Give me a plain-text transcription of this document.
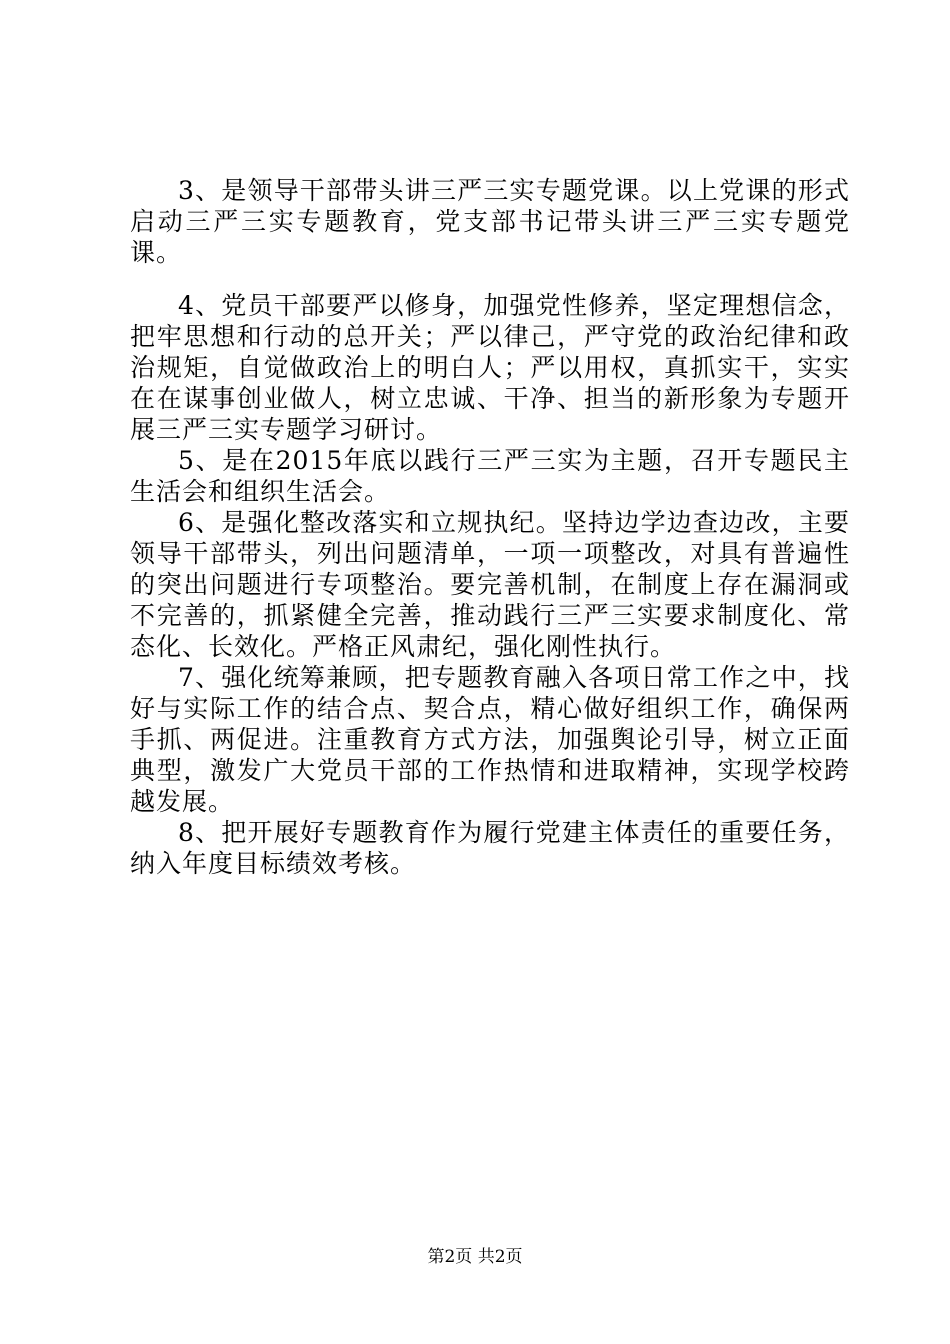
3、是领导干部带头讲三严三实专题党课。以上党课的形式启动三严三实专题教育，党支部书记带头讲三严三实专题党课。

4、党员干部要严以修身，加强党性修养，坚定理想信念，把牢思想和行动的总开关；严以律己，严守党的政治纪律和政治规矩，自觉做政治上的明白人；严以用权，真抓实干，实实在在谋事创业做人，树立忠诚、干净、担当的新形象为专题开展三严三实专题学习研讨。

5、是在2015年底以践行三严三实为主题，召开专题民主生活会和组织生活会。

6、是强化整改落实和立规执纪。坚持边学边查边改，主要领导干部带头，列出问题清单，一项一项整改，对具有普遍性的突出问题进行专项整治。要完善机制，在制度上存在漏洞或不完善的，抓紧健全完善，推动践行三严三实要求制度化、常态化、长效化。严格正风肃纪，强化刚性执行。

7、强化统筹兼顾，把专题教育融入各项日常工作之中，找好与实际工作的结合点、契合点，精心做好组织工作，确保两手抓、两促进。注重教育方式方法，加强舆论引导，树立正面典型，激发广大党员干部的工作热情和进取精神，实现学校跨越发展。

8、把开展好专题教育作为履行党建主体责任的重要任务，纳入年度目标绩效考核。

第2页 共2页
